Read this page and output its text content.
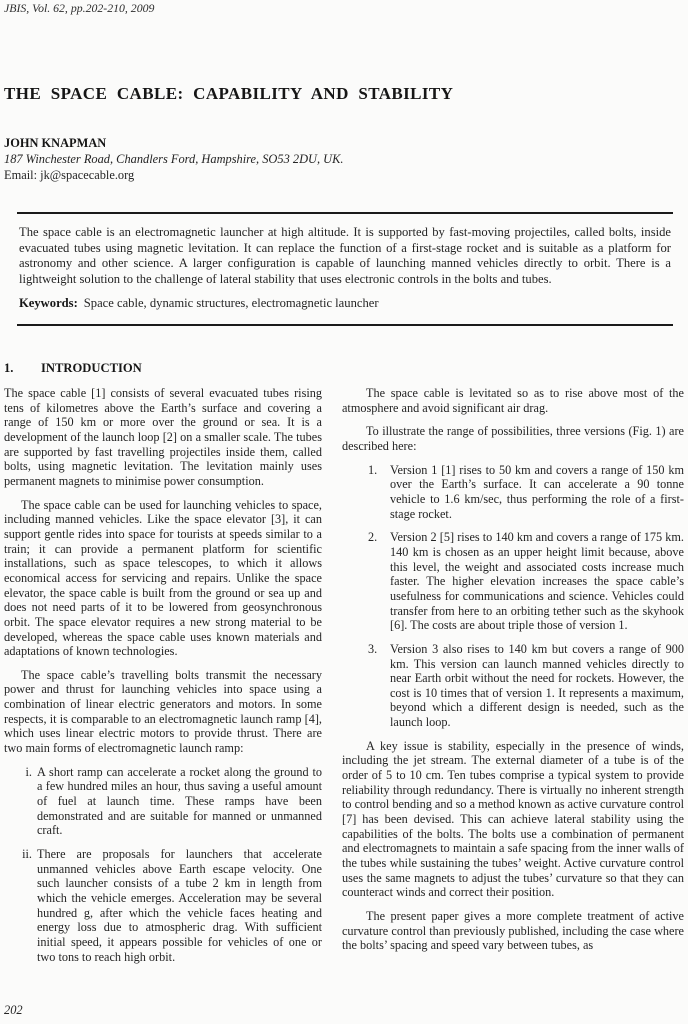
JBIS, Vol. 62, pp.202-210, 2009
THE SPACE CABLE: CAPABILITY AND STABILITY
JOHN KNAPMAN
187 Winchester Road, Chandlers Ford, Hampshire, SO53 2DU, UK.
Email: jk@spacecable.org

The space cable is an electromagnetic launcher at high altitude. It is supported by fast-moving projectiles, called bolts, inside evacuated tubes using magnetic levitation. It can replace the function of a first-stage rocket and is suitable as a platform for astronomy and other science. A larger configuration is capable of launching manned vehicles directly to orbit. There is a lightweight solution to the challenge of lateral stability that uses electronic controls in the bolts and tubes.

Keywords: Space cable, dynamic structures, electromagnetic launcher

1. INTRODUCTION

The space cable [1] consists of several evacuated tubes rising tens of kilometres above the Earth’s surface and covering a range of 150 km or more over the ground or sea. It is a development of the launch loop [2] on a smaller scale. The tubes are supported by fast travelling projectiles inside them, called bolts, using magnetic levitation. The levitation mainly uses permanent magnets to minimise power consumption.

The space cable can be used for launching vehicles to space, including manned vehicles. Like the space elevator [3], it can support gentle rides into space for tourists at speeds similar to a train; it can provide a permanent platform for scientific installations, such as space telescopes, to which it allows economical access for servicing and repairs. Unlike the space elevator, the space cable is built from the ground or sea up and does not need parts of it to be lowered from geosynchronous orbit. The space elevator requires a new strong material to be developed, whereas the space cable uses known materials and adaptations of known technologies.

The space cable’s travelling bolts transmit the necessary power and thrust for launching vehicles into space using a combination of linear electric generators and motors. In some respects, it is comparable to an electromagnetic launch ramp [4], which uses linear electric motors to provide thrust. There are two main forms of electromagnetic launch ramp:

i. A short ramp can accelerate a rocket along the ground to a few hundred miles an hour, thus saving a useful amount of fuel at launch time. These ramps have been demonstrated and are suitable for manned or unmanned craft.
ii. There are proposals for launchers that accelerate unmanned vehicles above Earth escape velocity. One such launcher consists of a tube 2 km in length from which the vehicle emerges. Acceleration may be several hundred g, after which the vehicle faces heating and energy loss due to atmospheric drag. With sufficient initial speed, it appears possible for vehicles of one or two tons to reach high orbit.

The space cable is levitated so as to rise above most of the atmosphere and avoid significant air drag.

To illustrate the range of possibilities, three versions (Fig. 1) are described here:

1.	Version 1 [1] rises to 50 km and covers a range of 150 km over the Earth’s surface. It can accelerate a 90 tonne vehicle to 1.6 km/sec, thus performing the role of a first-stage rocket.
2.	Version 2 [5] rises to 140 km and covers a range of 175 km. 140 km is chosen as an upper height limit because, above this level, the weight and associated costs increase much faster. The higher elevation increases the space cable’s usefulness for communications and science. Vehicles could transfer from here to an orbiting tether such as the skyhook [6]. The costs are about triple those of version 1.
3.	Version 3 also rises to 140 km but covers a range of 900 km. This version can launch manned vehicles directly to near Earth orbit without the need for rockets. However, the cost is 10 times that of version 1. It represents a maximum, beyond which a different design is needed, such as the launch loop.

A key issue is stability, especially in the presence of winds, including the jet stream. The external diameter of a tube is of the order of 5 to 10 cm. Ten tubes comprise a typical system to provide reliability through redundancy. There is virtually no inherent strength to control bending and so a method known as active curvature control [7] has been devised. This can achieve lateral stability using the capabilities of the bolts. The bolts use a combination of permanent and electromagnets to maintain a safe spacing from the inner walls of the tubes while sustaining the tubes’ weight. Active curvature control uses the same magnets to adjust the tubes’ curvature so that they can counteract winds and correct their position.

The present paper gives a more complete treatment of active curvature control than previously published, including the case where the bolts’ spacing and speed vary between tubes, as

202
